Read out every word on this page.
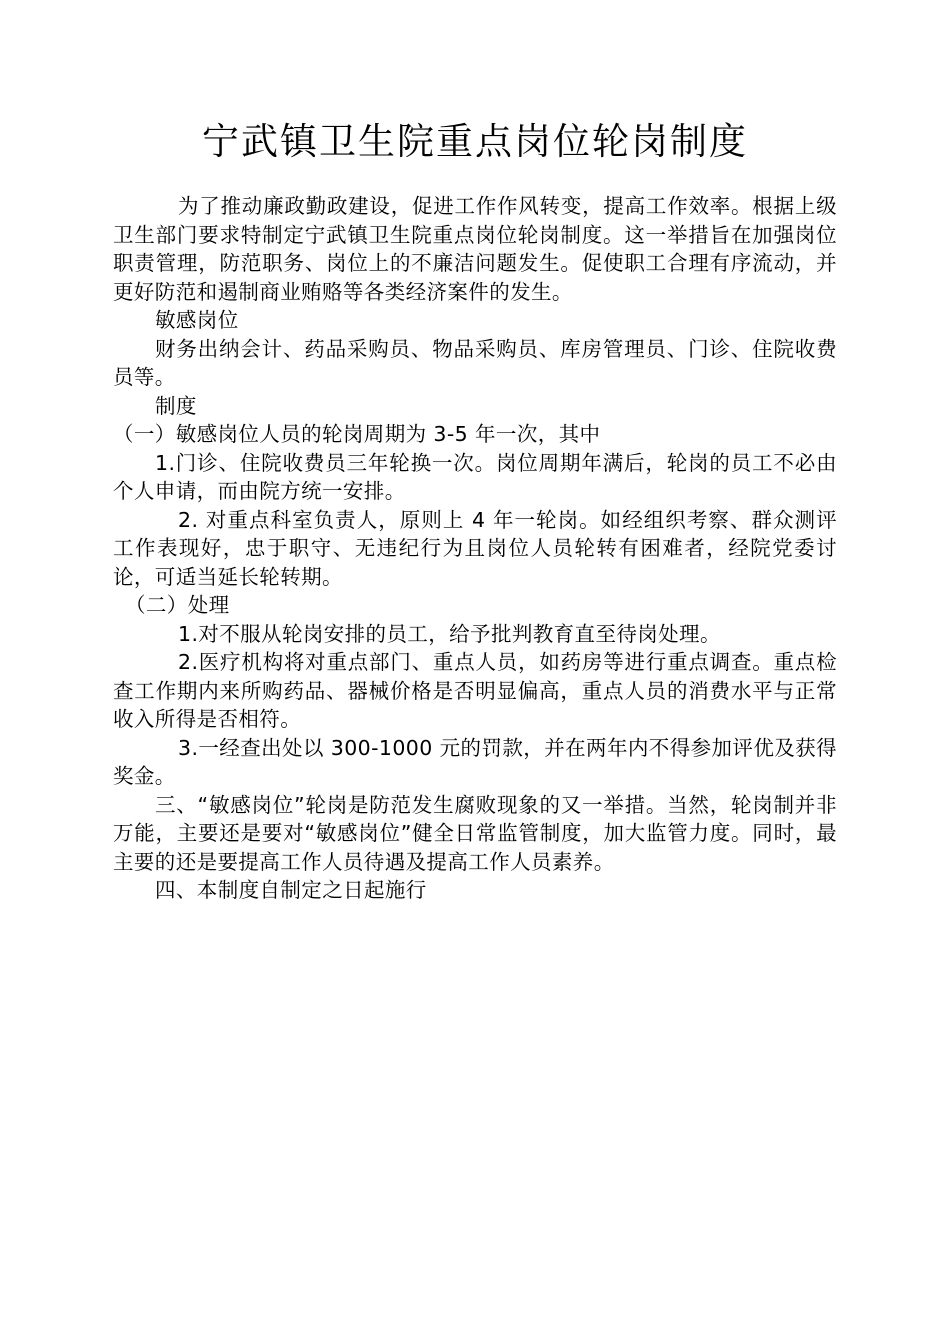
宁武镇卫生院重点岗位轮岗制度

为了推动廉政勤政建设，促进工作作风转变，提高工作效率。根据上级卫生部门要求特制定宁武镇卫生院重点岗位轮岗制度。这一举措旨在加强岗位职责管理，防范职务、岗位上的不廉洁问题发生。促使职工合理有序流动，并更好防范和遏制商业贿赂等各类经济案件的发生。

敏感岗位

财务出纳会计、药品采购员、物品采购员、库房管理员、门诊、住院收费员等。

制度

（一）敏感岗位人员的轮岗周期为 3-5 年一次，其中

1.门诊、住院收费员三年轮换一次。岗位周期年满后，轮岗的员工不必由个人申请，而由院方统一安排。

2. 对重点科室负责人，原则上 4 年一轮岗。如经组织考察、群众测评工作表现好，忠于职守、无违纪行为且岗位人员轮转有困难者，经院党委讨论，可适当延长轮转期。

（二）处理

1.对不服从轮岗安排的员工，给予批判教育直至待岗处理。

2.医疗机构将对重点部门、重点人员，如药房等进行重点调查。重点检查工作期内来所购药品、器械价格是否明显偏高，重点人员的消费水平与正常收入所得是否相符。

3.一经查出处以 300-1000 元的罚款，并在两年内不得参加评优及获得奖金。

三、“敏感岗位”轮岗是防范发生腐败现象的又一举措。当然，轮岗制并非万能，主要还是要对“敏感岗位”健全日常监管制度，加大监管力度。同时，最主要的还是要提高工作人员待遇及提高工作人员素养。

四、本制度自制定之日起施行
